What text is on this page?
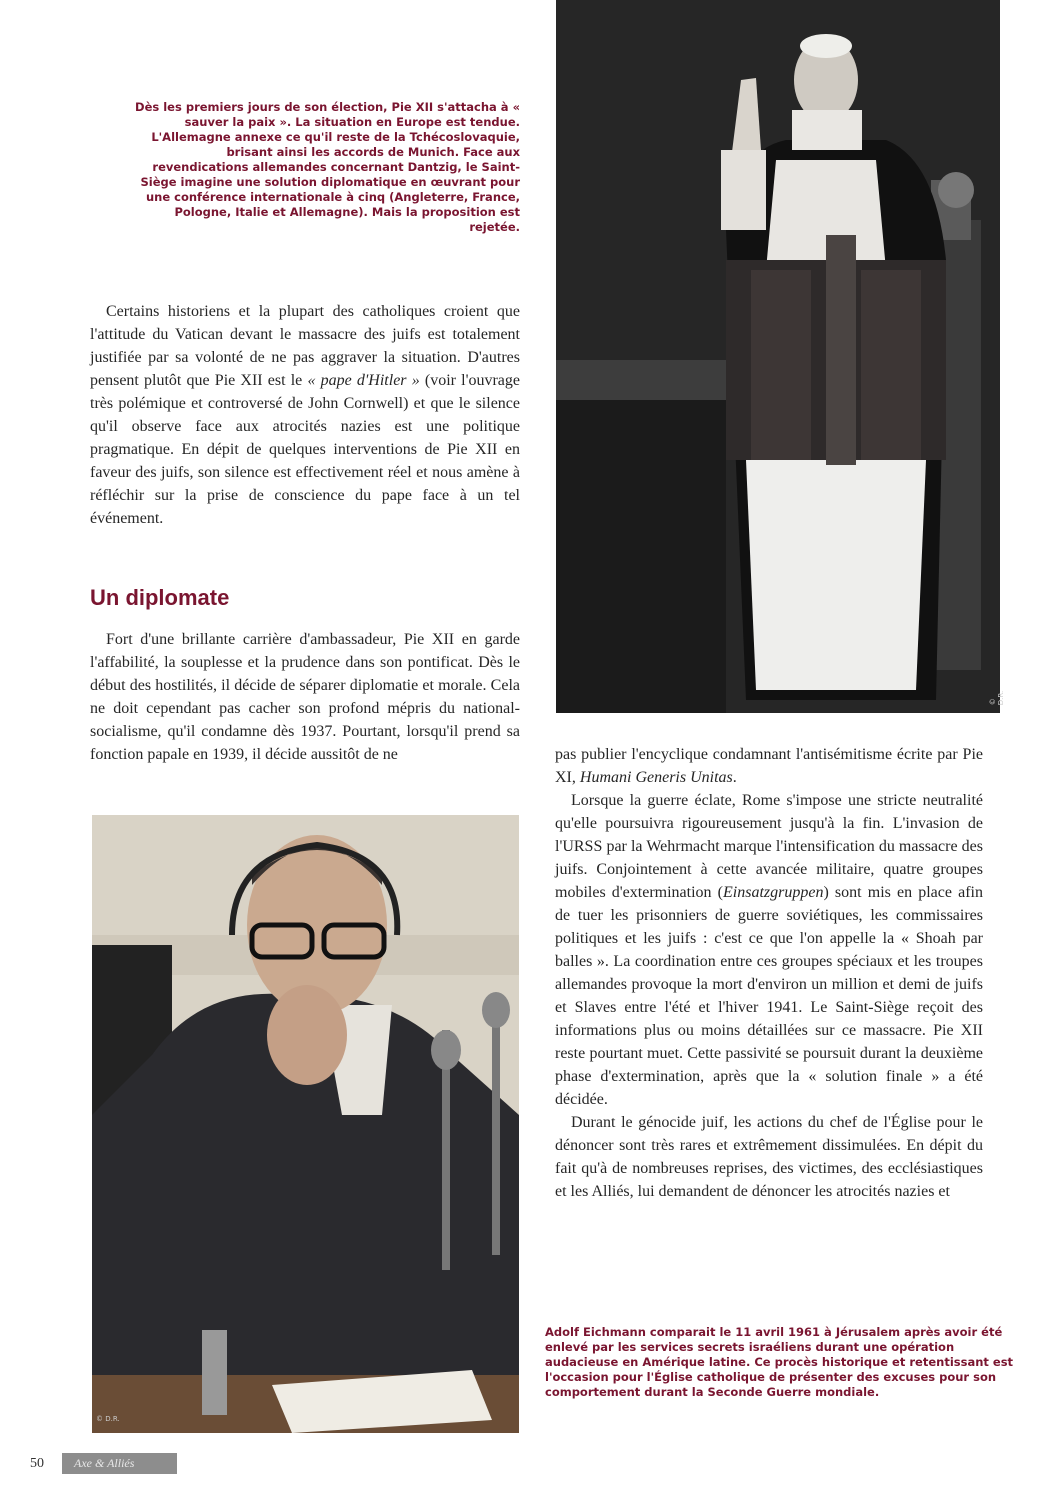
© D.R.
Dès les premiers jours de son élection, Pie XII s'attacha à « sauver la paix ». La situation en Europe est tendue. L'Allemagne annexe ce qu'il reste de la Tchécoslovaquie, brisant ainsi les accords de Munich. Face aux revendications allemandes concernant Dantzig, le Saint-Siège imagine une solution diplomatique en œuvrant pour une conférence internationale à cinq (Angleterre, France, Pologne, Italie et Allemagne). Mais la proposition est rejetée.

Certains historiens et la plupart des catholiques croient que l'attitude du Vatican devant le massacre des juifs est totalement justifiée par sa volonté de ne pas aggraver la situation. D'autres pensent plutôt que Pie XII est le « pape d'Hitler » (voir l'ouvrage très polémique et controversé de John Cornwell) et que le silence qu'il observe face aux atrocités nazies est une politique pragmatique. En dépit de quelques interventions de Pie XII en faveur des juifs, son silence est effectivement réel et nous amène à réfléchir sur la prise de conscience du pape face à un tel événement.

Un diplomate

Fort d'une brillante carrière d'ambassadeur, Pie XII en garde l'affabilité, la souplesse et la prudence dans son pontificat. Dès le début des hostilités, il décide de séparer diplomatie et morale. Cela ne doit cependant pas cacher son profond mépris du national-socialisme, qu'il condamne dès 1937. Pourtant, lorsqu'il prend sa fonction papale en 1939, il décide aussitôt de ne	pas publier l'encyclique condamnant l'antisémitisme écrite par Pie XI, Humani Generis Unitas.

Lorsque la guerre éclate, Rome s'impose une stricte neutralité qu'elle poursuivra rigoureusement jusqu'à la fin. L'invasion de l'URSS par la Wehrmacht marque l'intensification du massacre des juifs. Conjointement à cette avancée militaire, quatre groupes mobiles d'extermination (Einsatzgruppen) sont mis en place afin de tuer les prisonniers de guerre soviétiques, les commissaires politiques et les juifs : c'est ce que l'on appelle la « Shoah par balles ». La coordination entre ces groupes spéciaux et les troupes allemandes provoque la mort d'environ un million et demi de juifs et Slaves entre l'été et l'hiver 1941. Le Saint-Siège reçoit des informations plus ou moins détaillées sur ce massacre. Pie XII reste pourtant muet. Cette passivité se poursuit durant la deuxième phase d'extermination, après que la « solution finale » a été décidée.

Durant le génocide juif, les actions du chef de l'Église pour le dénoncer sont très rares et extrêmement dissimulées. En dépit du fait qu'à de nombreuses reprises, des victimes, des ecclésiastiques et les Alliés, lui demandent de dénoncer les atrocités nazies et

© D.R.
Adolf Eichmann comparait le 11 avril 1961 à Jérusalem après avoir été enlevé par les services secrets israéliens durant une opération audacieuse en Amérique latine. Ce procès historique et retentissant est l'occasion pour l'Église catholique de présenter des excuses pour son comportement durant la Seconde Guerre mondiale.
50	Axe & Alliés
